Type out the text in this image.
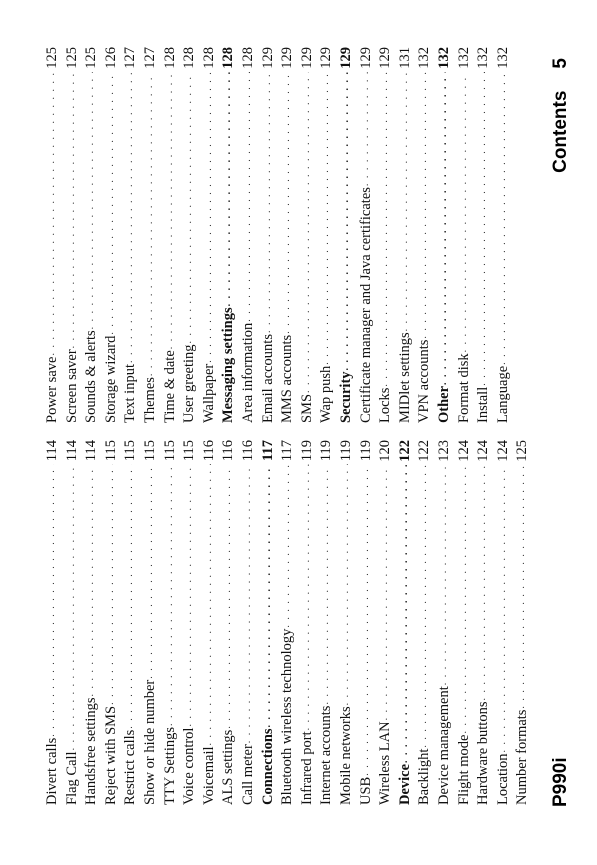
Divert calls
. . .
114
Flag Call
. . .
114
Handsfree settings
. . .
114
Reject with SMS
. . .
115
Restrict calls
. . .
115
Show or hide number
. . .
115
TTY Settings
. . .
115
Voice control
. . .
115
Voicemail
. . .
116
ALS settings
. . .
116
Call meter
. . .
116
Connections
. . .
117
Bluetooth wireless technology
. . .
117
Infrared port
. . .
119
Internet accounts
. . .
119
Mobile networks
. . .
119
USB
. . .
119
Wireless LAN
. . .
120
Device
. . .
122
Backlight
. . .
122
Device management
. . .
123
Flight mode
. . .
124
Hardware buttons
. . .
124
Location
. . .
124
Number formats
. . .
125
Power save
. . .
125
Screen saver
. . .
125
Sounds & alerts
. . .
125
Storage wizard
. . .
126
Text input
. . .
127
Themes
. . .
127
Time & date
. . .
128
User greeting
. . .
128
Wallpaper
. . .
128
Messaging settings
. . .
128
Area information
. . .
128
Email accounts
. . .
129
MMS accounts
. . .
129
SMS
. . .
129
Wap push
. . .
129
Security
. . .
129
Certificate manager and Java certificates
. . .
129
Locks
. . .
129
MIDlet settings
. . .
131
VPN accounts
. . .
132
Other
. . .
132
Format disk
. . .
132
Install
. . .
132
Language
. . .
132
P990i
Contents
5
